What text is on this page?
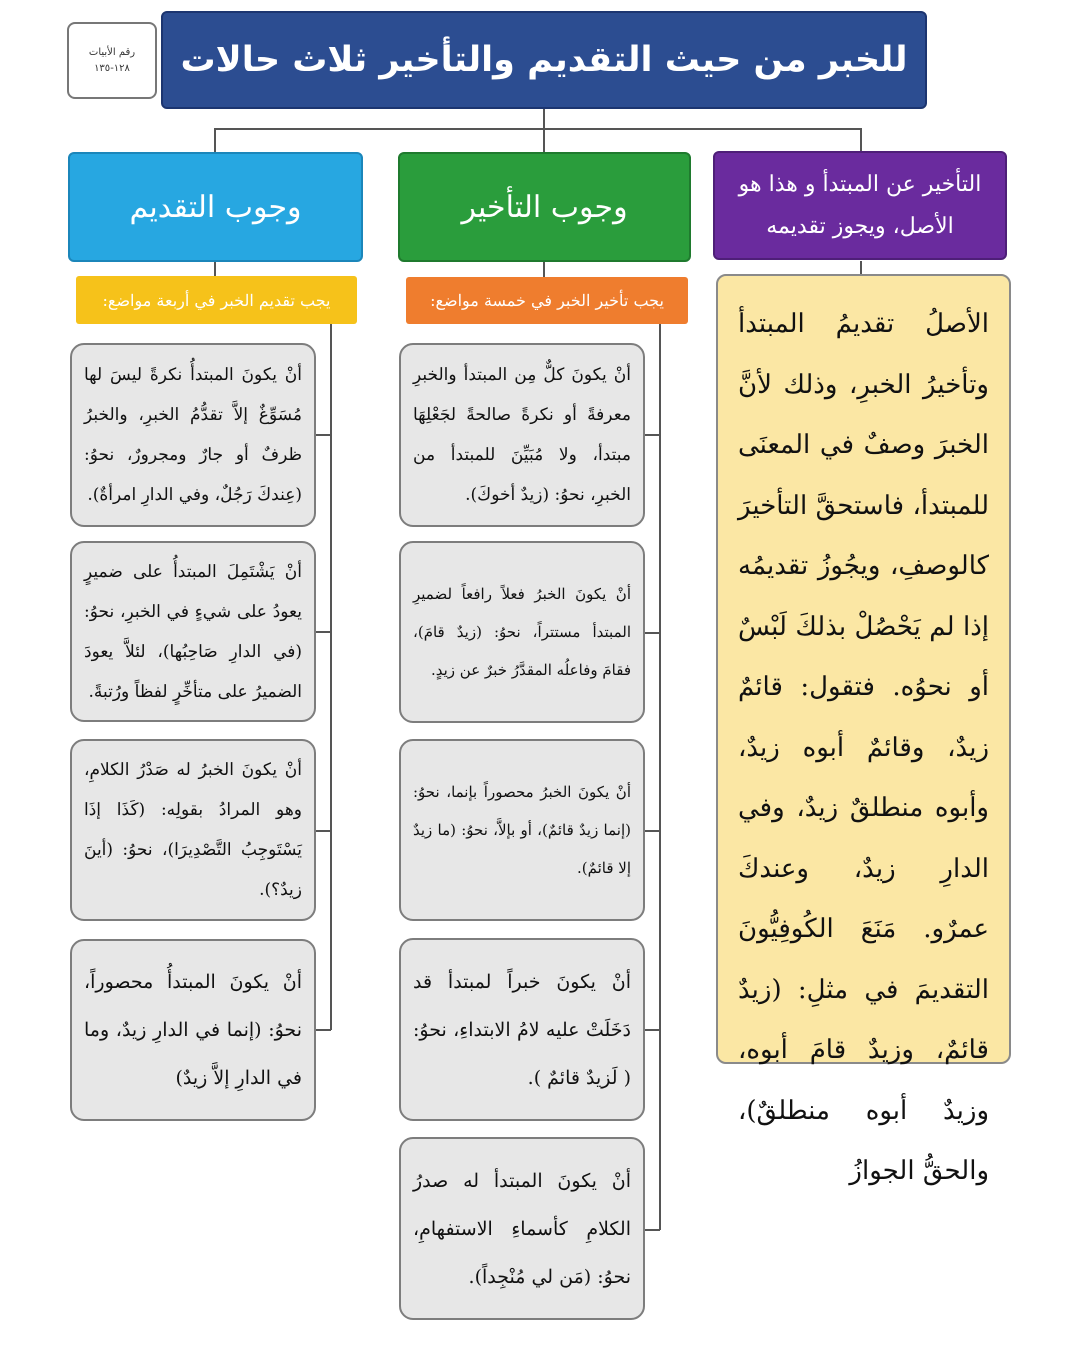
رقم الأبيات
١٢٨-١٣٥	للخبر من حيث التقديم والتأخير ثلاث حالات
التأخير عن المبتدأ و هذا هو الأصل، ويجوز تقديمه
وجوب التأخير
وجوب التقديم
يجب تأخير الخبر في خمسة مواضع:
يجب تقديم الخبر في أربعة مواضع:
الأصلُ تقديمُ المبتدأ وتأخيرُ الخبرِ، وذلك لأنَّ الخبرَ وصفٌ في المعنَى للمبتدأ، فاستحقَّ التأخيرَ كالوصفِ، ويجُوزُ تقديمُه إذا لم يَحْصُلْ بذلكَ لَبْسٌ أو نحوُه. فتقول: قائمٌ زيدٌ، وقائمٌ أبوه زيدٌ، وأبوه منطلقٌ زيدٌ، وفي الدارِ زيدٌ، وعندكَ عمرٌو. مَنَعَ الكُوفِيُّونَ التقديمَ في مثلِ: (زيدٌ قائمٌ، وزيدٌ قامَ أبوه، وزيدٌ أبوه منطلقٌ)، والحقُّ الجوازُ
أنْ يكونَ كلٌّ مِن المبتدأ والخبرِ معرفةً أو نكرةً صالحةً لجَعْلِهَا مبتدأ، ولا مُبَيِّنَ للمبتدأ من الخبرِ، نحوُ: (زيدٌ أخوكَ).
أنْ يكونَ الخبرُ فعلاً رافعاً لضميرِ المبتدأ مستتراً، نحوُ: (زيدٌ قامَ)، فقامَ وفاعلُه المقدَّرُ خبرٌ عن زيدٍ.
أنْ يكونَ الخبرُ محصوراً بإنما، نحوُ: (إنما زيدٌ قائمٌ)، أو بإلاَّ، نحوُ: (ما زيدٌ إلا قائمٌ).
أنْ يكونَ خبراً لمبتدأ قد دَخَلَتْ عليه لامُ الابتداءِ، نحوُ: ( لَزيدٌ قائمٌ ).
أنْ يكونَ المبتدأ له صدرُ الكلامِ كأسماءِ الاستفهامِ، نحوُ: (مَن لي مُنْجِداً).
أنْ يكونَ المبتدأُ نكرةً ليسَ لها مُسَوِّغٌ إلاَّ تقدُّمُ الخبرِ، والخبرُ ظرفٌ أو جارٌ ومجرورٌ، نحوُ: (عِندكَ رَجُلٌ، وفي الدارِ امرأةٌ).
أنْ يَشْتَمِلَ المبتدأُ على ضميرٍ يعودُ على شيءٍ في الخبرِ، نحوُ: (في الدارِ صَاحِبُها)، لئلاَّ يعودَ الضميرُ على متأخِّرٍ لفظاً ورُتبةً.
أنْ يكونَ الخبرُ له صَدْرُ الكلامِ، وهو المرادُ بقولِه: (كَذَا إذَا يَسْتَوجِبُ التَّصْدِيرَا)، نحوُ: (أينَ زيدٌ؟).
أنْ يكونَ المبتدأُ محصوراً، نحوُ: (إنما في الدارِ زيدٌ، وما في الدارِ إلاَّ زيدٌ)
